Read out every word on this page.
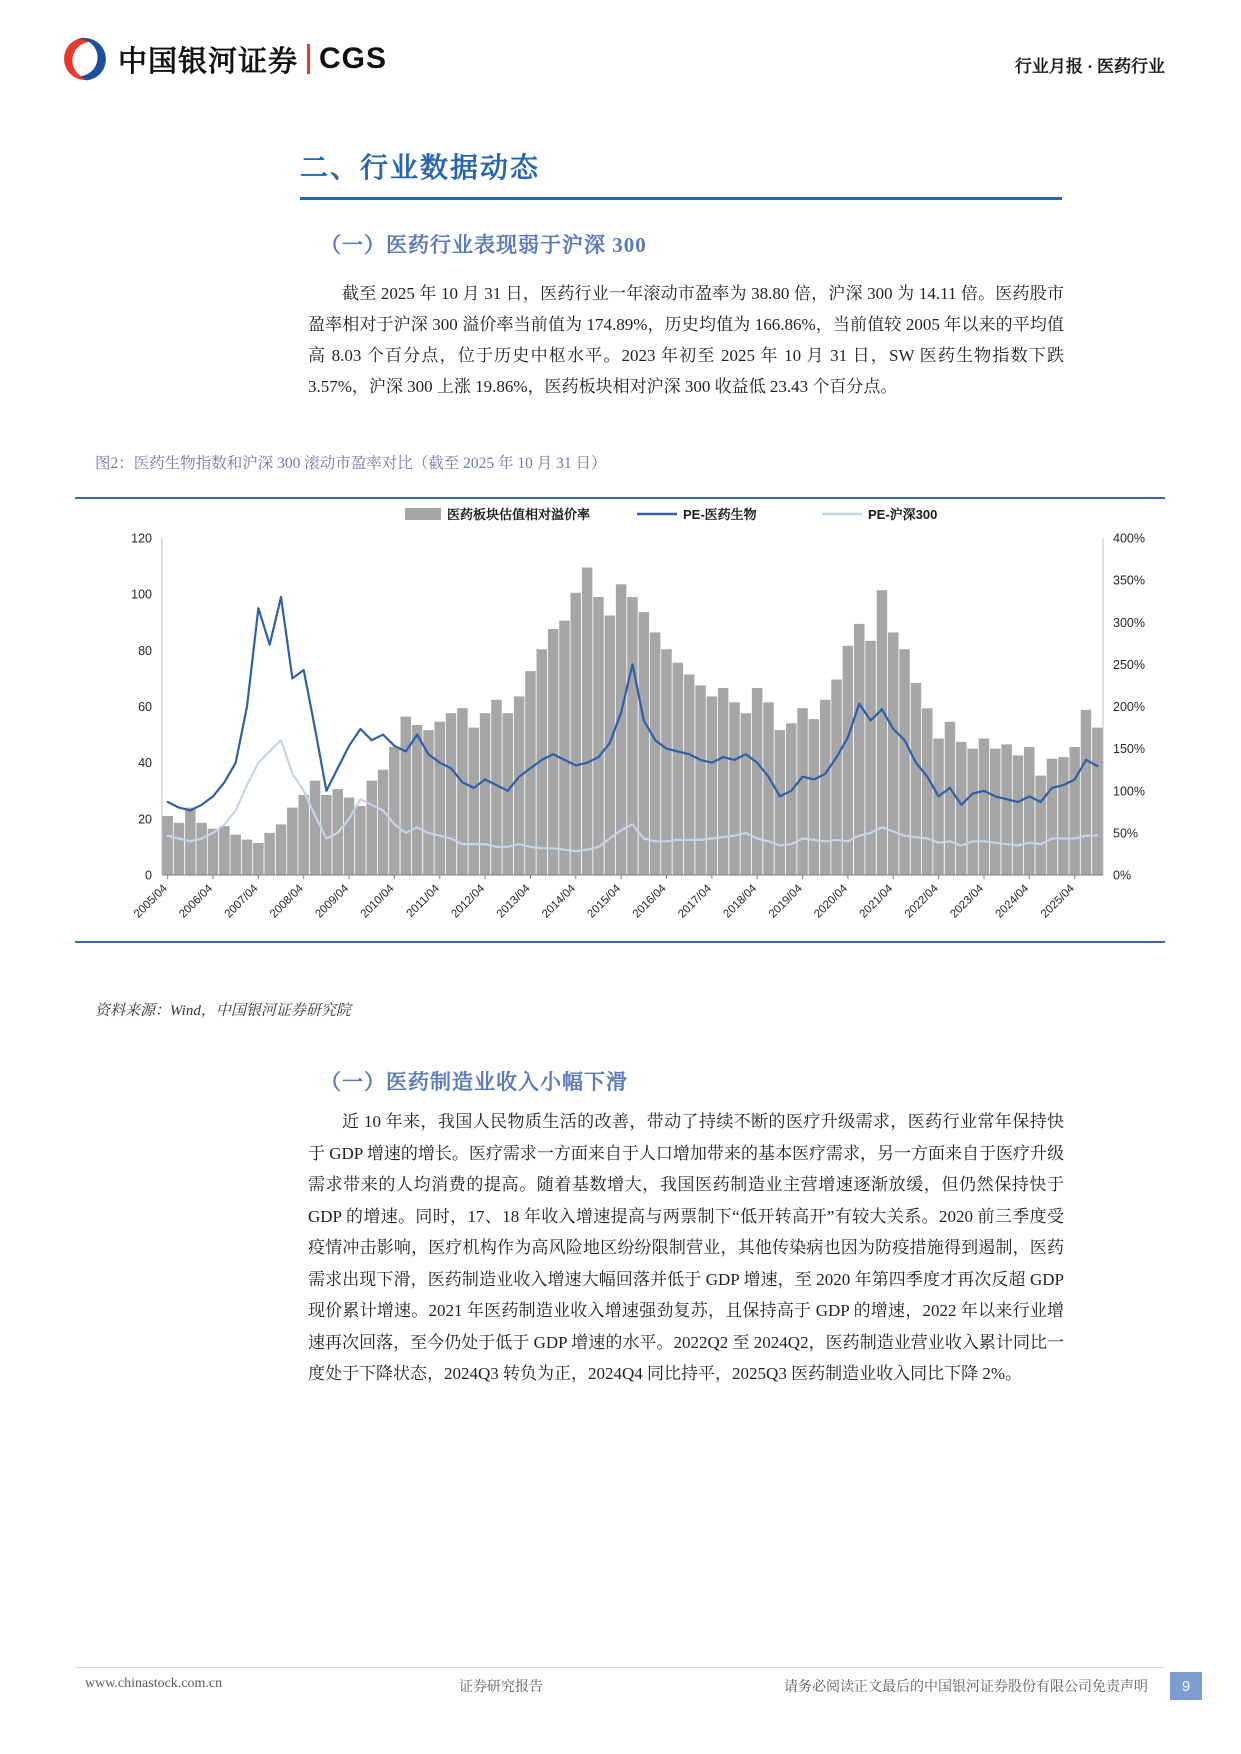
中国银河证券 CGS	行业月报 · 医药行业
二、行业数据动态
（一）医药行业表现弱于沪深 300
截至 2025 年 10 月 31 日，医药行业一年滚动市盈率为 38.80 倍，沪深 300 为 14.11 倍。医药股市盈率相对于沪深 300 溢价率当前值为 174.89%，历史均值为 166.86%，当前值较 2005 年以来的平均值高 8.03 个百分点，位于历史中枢水平。2023 年初至 2025 年 10 月 31 日，SW 医药生物指数下跌 3.57%，沪深 300 上涨 19.86%，医药板块相对沪深 300 收益低 23.43 个百分点。
图2：医药生物指数和沪深 300 滚动市盈率对比（截至 2025 年 10 月 31 日）
0
20
40
60
80
100
120
0%
50%
100%
150%
200%
250%
300%
350%
400%
2005/04 2006/04 2007/04 2008/04 2009/04 2010/04 2011/04 2012/04 2013/04 2014/04 2015/04 2016/04 2017/04 2018/04 2019/04 2020/04 2021/04 2022/04 2023/04 2024/04 2025/04
医药板块估值相对溢价率	PE-医药生物	PE-沪深300
资料来源：Wind，中国银河证券研究院
（一）医药制造业收入小幅下滑
近 10 年来，我国人民物质生活的改善，带动了持续不断的医疗升级需求，医药行业常年保持快于 GDP 增速的增长。医疗需求一方面来自于人口增加带来的基本医疗需求，另一方面来自于医疗升级需求带来的人均消费的提高。随着基数增大，我国医药制造业主营增速逐渐放缓，但仍然保持快于 GDP 的增速。同时，17、18 年收入增速提高与两票制下“低开转高开”有较大关系。2020 前三季度受疫情冲击影响，医疗机构作为高风险地区纷纷限制营业，其他传染病也因为防疫措施得到遏制，医药需求出现下滑，医药制造业收入增速大幅回落并低于 GDP 增速，至 2020 年第四季度才再次反超 GDP 现价累计增速。2021 年医药制造业收入增速强劲复苏，且保持高于 GDP 的增速，2022 年以来行业增速再次回落，至今仍处于低于 GDP 增速的水平。2022Q2 至 2024Q2，医药制造业营业收入累计同比一度处于下降状态，2024Q3 转负为正，2024Q4 同比持平，2025Q3 医药制造业收入同比下降 2%。
www.chinastock.com.cn	证券研究报告	请务必阅读正文最后的中国银河证券股份有限公司免责声明	9
